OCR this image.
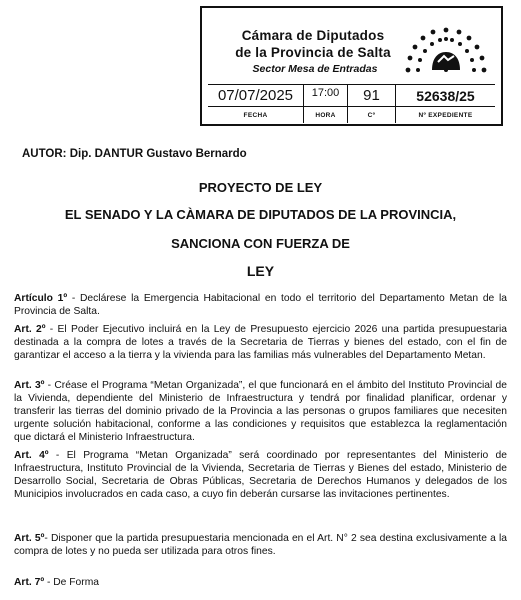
Cámara de Diputados
de la Provincia de Salta
Sector Mesa de Entradas
07/07/2025	17:00	91	52638/25
FECHA	HORA	Cº	Nº EXPEDIENTE
AUTOR: Dip. DANTUR Gustavo Bernardo
PROYECTO DE LEY
EL SENADO Y LA CÀMARA DE DIPUTADOS DE LA PROVINCIA,
SANCIONA CON FUERZA DE
LEY
Artículo 1º - Declárese la Emergencia Habitacional en todo el territorio del Departamento Metan de la Provincia de Salta.
Art. 2º - El Poder Ejecutivo incluirá en la Ley de Presupuesto ejercicio 2026 una partida presupuestaria destinada a la compra de lotes a través de la Secretaria de Tierras y bienes del estado, con el fin de garantizar el acceso a la tierra y la vivienda para las familias más vulnerables del Departamento Metan.
Art. 3º - Créase el Programa “Metan Organizada”, el que funcionará en el ámbito del Instituto Provincial de la Vivienda, dependiente del Ministerio de Infraestructura y tendrá por finalidad planificar, ordenar y transferir las tierras del dominio privado de la Provincia a las personas o grupos familiares que necesiten urgente solución habitacional, conforme a las condiciones y requisitos que establezca la reglamentación que dictará el Ministerio Infraestructura.
Art. 4º - El Programa “Metan Organizada” será coordinado por representantes del Ministerio de Infraestructura, Instituto Provincial de la Vivienda, Secretaria de Tierras y Bienes del estado, Ministerio de Desarrollo Social, Secretaria de Obras Públicas, Secretaria de Derechos Humanos y delegados de los Municipios involucrados en cada caso, a cuyo fin deberán cursarse las invitaciones pertinentes.
Art. 5º- Disponer que la partida presupuestaria mencionada en el Art. N° 2 sea destina exclusivamente a la compra de lotes y no pueda ser utilizada para otros fines.
Art. 7º - De Forma
